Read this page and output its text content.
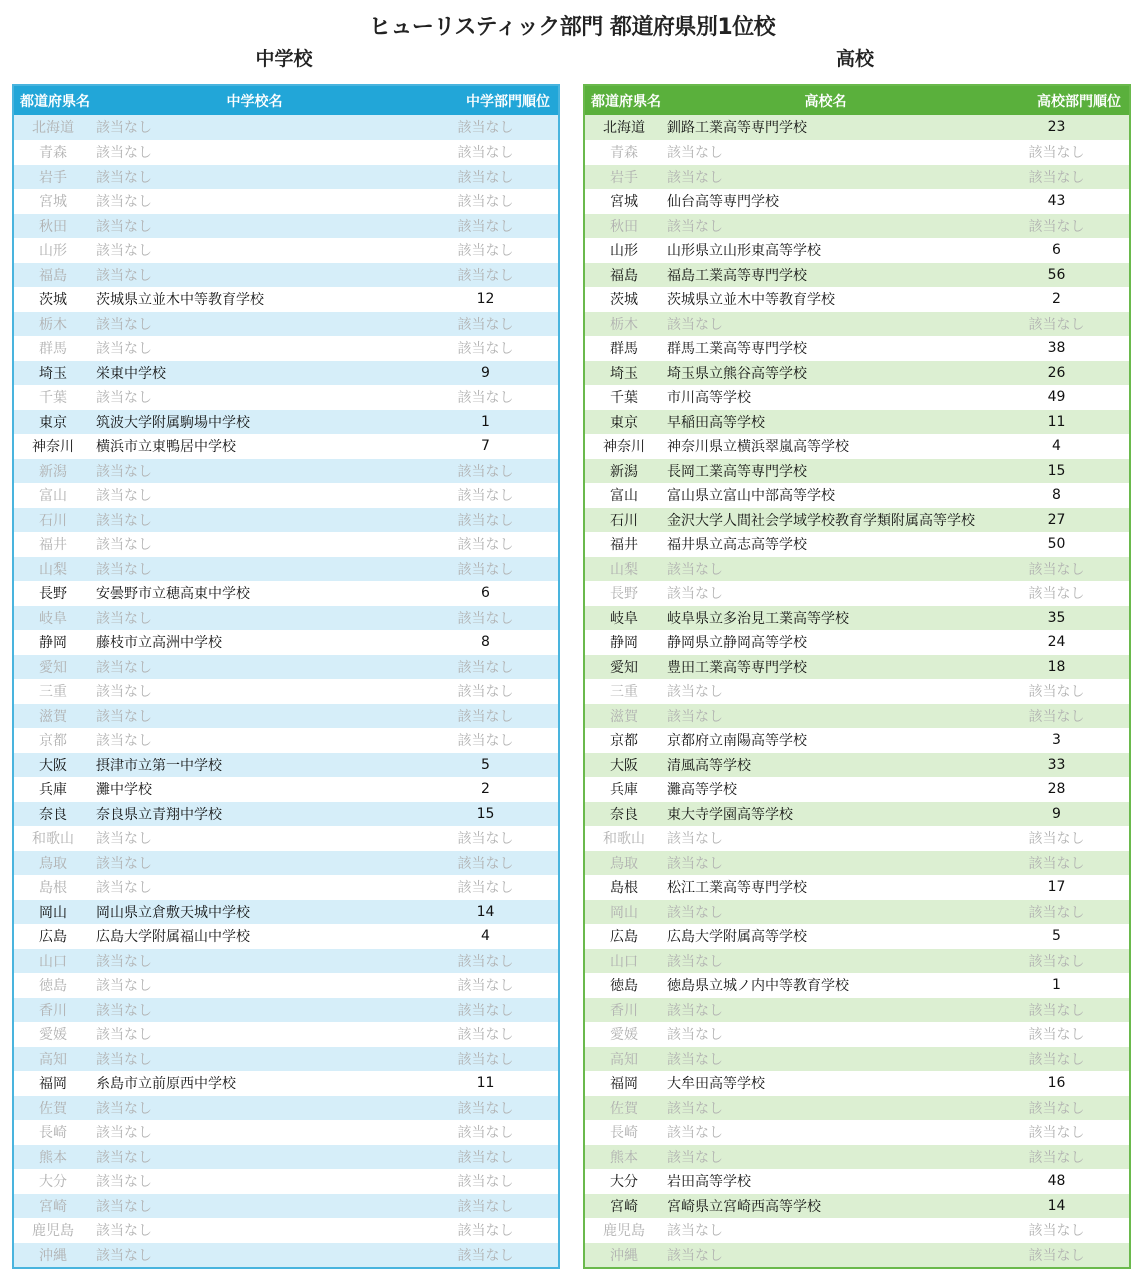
ヒューリスティック部門 都道府県別1位校
中学校	高校
都道府県名	中学校名	中学部門順位
北海道	該当なし	該当なし
青森	該当なし	該当なし
岩手	該当なし	該当なし
宮城	該当なし	該当なし
秋田	該当なし	該当なし
山形	該当なし	該当なし
福島	該当なし	該当なし
茨城	茨城県立並木中等教育学校	12
栃木	該当なし	該当なし
群馬	該当なし	該当なし
埼玉	栄東中学校	9
千葉	該当なし	該当なし
東京	筑波大学附属駒場中学校	1
神奈川	横浜市立東鴨居中学校	7
新潟	該当なし	該当なし
富山	該当なし	該当なし
石川	該当なし	該当なし
福井	該当なし	該当なし
山梨	該当なし	該当なし
長野	安曇野市立穂高東中学校	6
岐阜	該当なし	該当なし
静岡	藤枝市立高洲中学校	8
愛知	該当なし	該当なし
三重	該当なし	該当なし
滋賀	該当なし	該当なし
京都	該当なし	該当なし
大阪	摂津市立第一中学校	5
兵庫	灘中学校	2
奈良	奈良県立青翔中学校	15
和歌山	該当なし	該当なし
鳥取	該当なし	該当なし
島根	該当なし	該当なし
岡山	岡山県立倉敷天城中学校	14
広島	広島大学附属福山中学校	4
山口	該当なし	該当なし
徳島	該当なし	該当なし
香川	該当なし	該当なし
愛媛	該当なし	該当なし
高知	該当なし	該当なし
福岡	糸島市立前原西中学校	11
佐賀	該当なし	該当なし
長崎	該当なし	該当なし
熊本	該当なし	該当なし
大分	該当なし	該当なし
宮崎	該当なし	該当なし
鹿児島	該当なし	該当なし
沖縄	該当なし	該当なし
都道府県名	高校名	高校部門順位
北海道	釧路工業高等専門学校	23
青森	該当なし	該当なし
岩手	該当なし	該当なし
宮城	仙台高等専門学校	43
秋田	該当なし	該当なし
山形	山形県立山形東高等学校	6
福島	福島工業高等専門学校	56
茨城	茨城県立並木中等教育学校	2
栃木	該当なし	該当なし
群馬	群馬工業高等専門学校	38
埼玉	埼玉県立熊谷高等学校	26
千葉	市川高等学校	49
東京	早稲田高等学校	11
神奈川	神奈川県立横浜翠嵐高等学校	4
新潟	長岡工業高等専門学校	15
富山	富山県立富山中部高等学校	8
石川	金沢大学人間社会学域学校教育学類附属高等学校	27
福井	福井県立高志高等学校	50
山梨	該当なし	該当なし
長野	該当なし	該当なし
岐阜	岐阜県立多治見工業高等学校	35
静岡	静岡県立静岡高等学校	24
愛知	豊田工業高等専門学校	18
三重	該当なし	該当なし
滋賀	該当なし	該当なし
京都	京都府立南陽高等学校	3
大阪	清風高等学校	33
兵庫	灘高等学校	28
奈良	東大寺学園高等学校	9
和歌山	該当なし	該当なし
鳥取	該当なし	該当なし
島根	松江工業高等専門学校	17
岡山	該当なし	該当なし
広島	広島大学附属高等学校	5
山口	該当なし	該当なし
徳島	徳島県立城ノ内中等教育学校	1
香川	該当なし	該当なし
愛媛	該当なし	該当なし
高知	該当なし	該当なし
福岡	大牟田高等学校	16
佐賀	該当なし	該当なし
長崎	該当なし	該当なし
熊本	該当なし	該当なし
大分	岩田高等学校	48
宮崎	宮崎県立宮崎西高等学校	14
鹿児島	該当なし	該当なし
沖縄	該当なし	該当なし
